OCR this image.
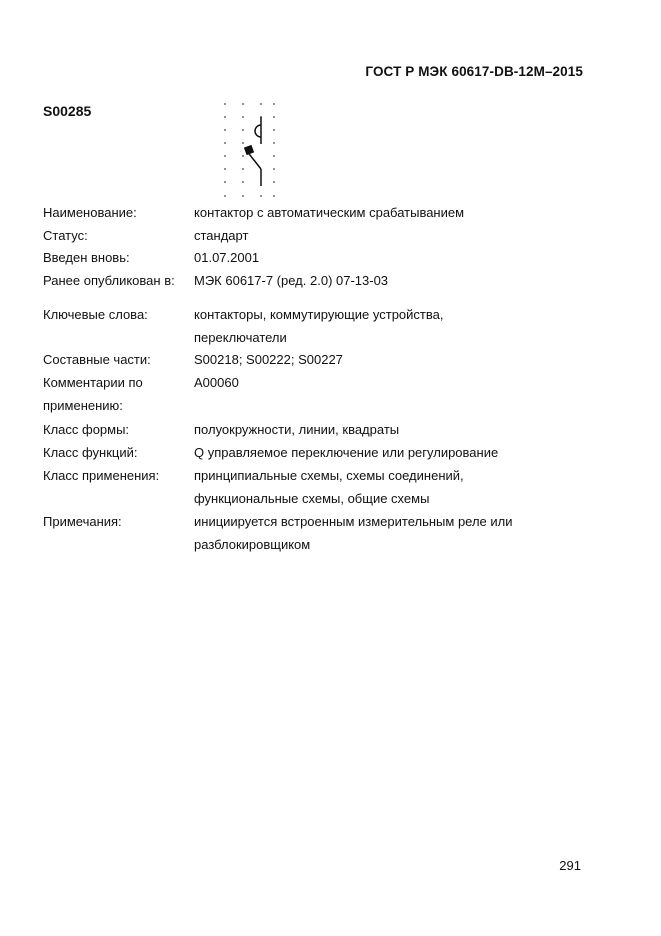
ГОСТ Р МЭК 60617-DB-12M–2015
S00285
Наименование:	контактор с автоматическим срабатыванием
Статус:	стандарт
Введен вновь:	01.07.2001
Ранее опубликован в: МЭК 60617-7 (ред. 2.0) 07-13-03
Ключевые слова:	контакторы, коммутирующие устройства,
переключатели
Составные части:	S00218; S00222; S00227
Комментарии по
применению:
A00060
Класс формы:	полуокружности, линии, квадраты
Класс функций:	Q управляемое переключение или регулирование
Класс применения:	принципиальные схемы, схемы соединений,
функциональные схемы, общие схемы
Примечания:	инициируется встроенным измерительным реле или
разблокировщиком
291
